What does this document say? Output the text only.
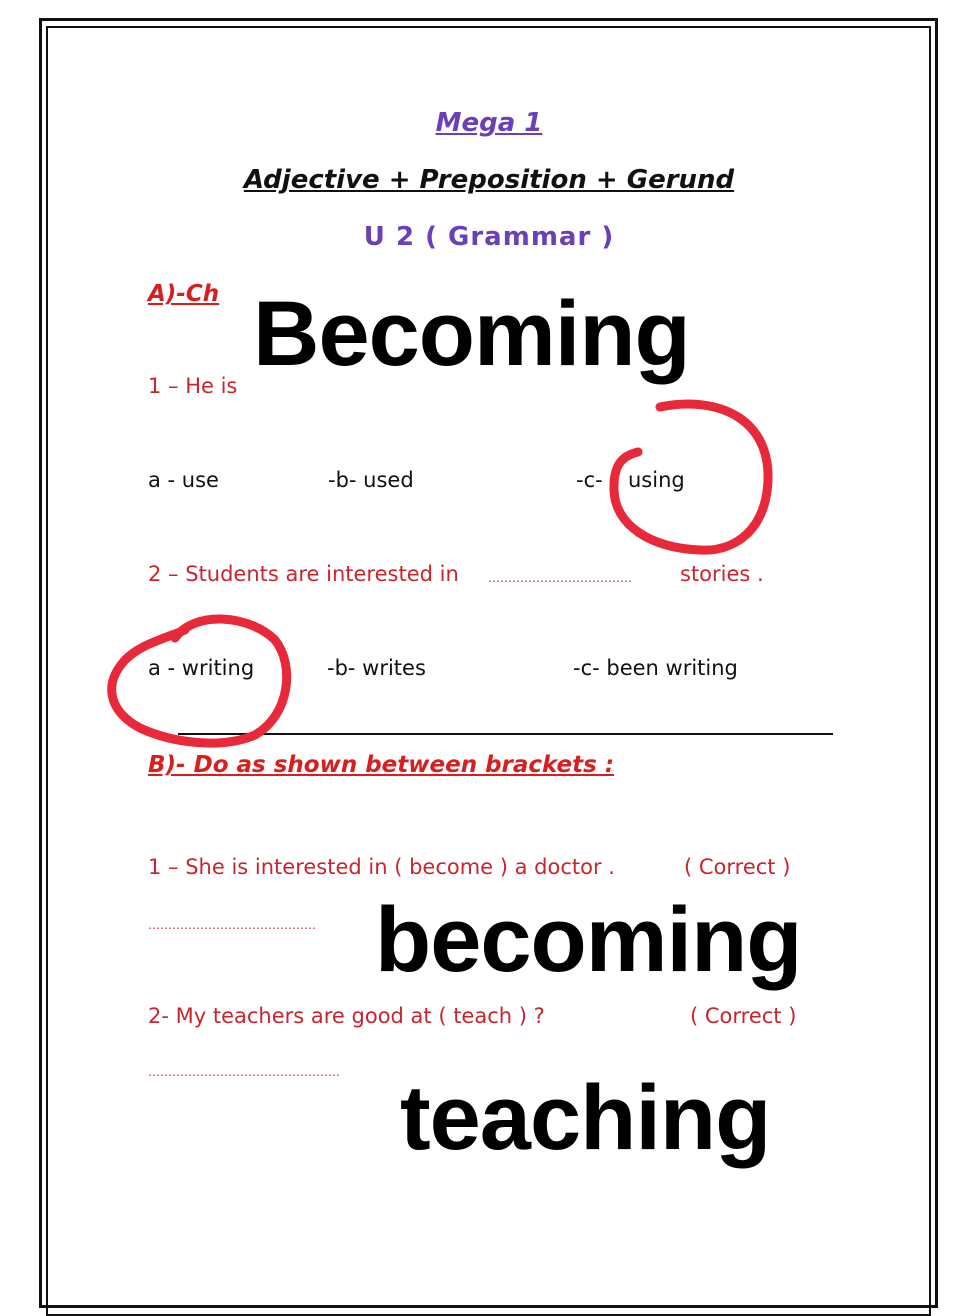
Mega 1
Adjective + Preposition + Gerund
U 2 ( Grammar )
A)-Ch Becoming
1 – He is
a - use	-b- used	-c- using
2 – Students are interested in ……………………………… stories .
a - writing	-b- writes	-c- been writing
B)- Do as shown between brackets :
1 – She is interested in ( become ) a doctor .	( Correct )
…………………………………… becoming
2- My teachers are good at ( teach ) ?	( Correct )
………………………………………… teaching
